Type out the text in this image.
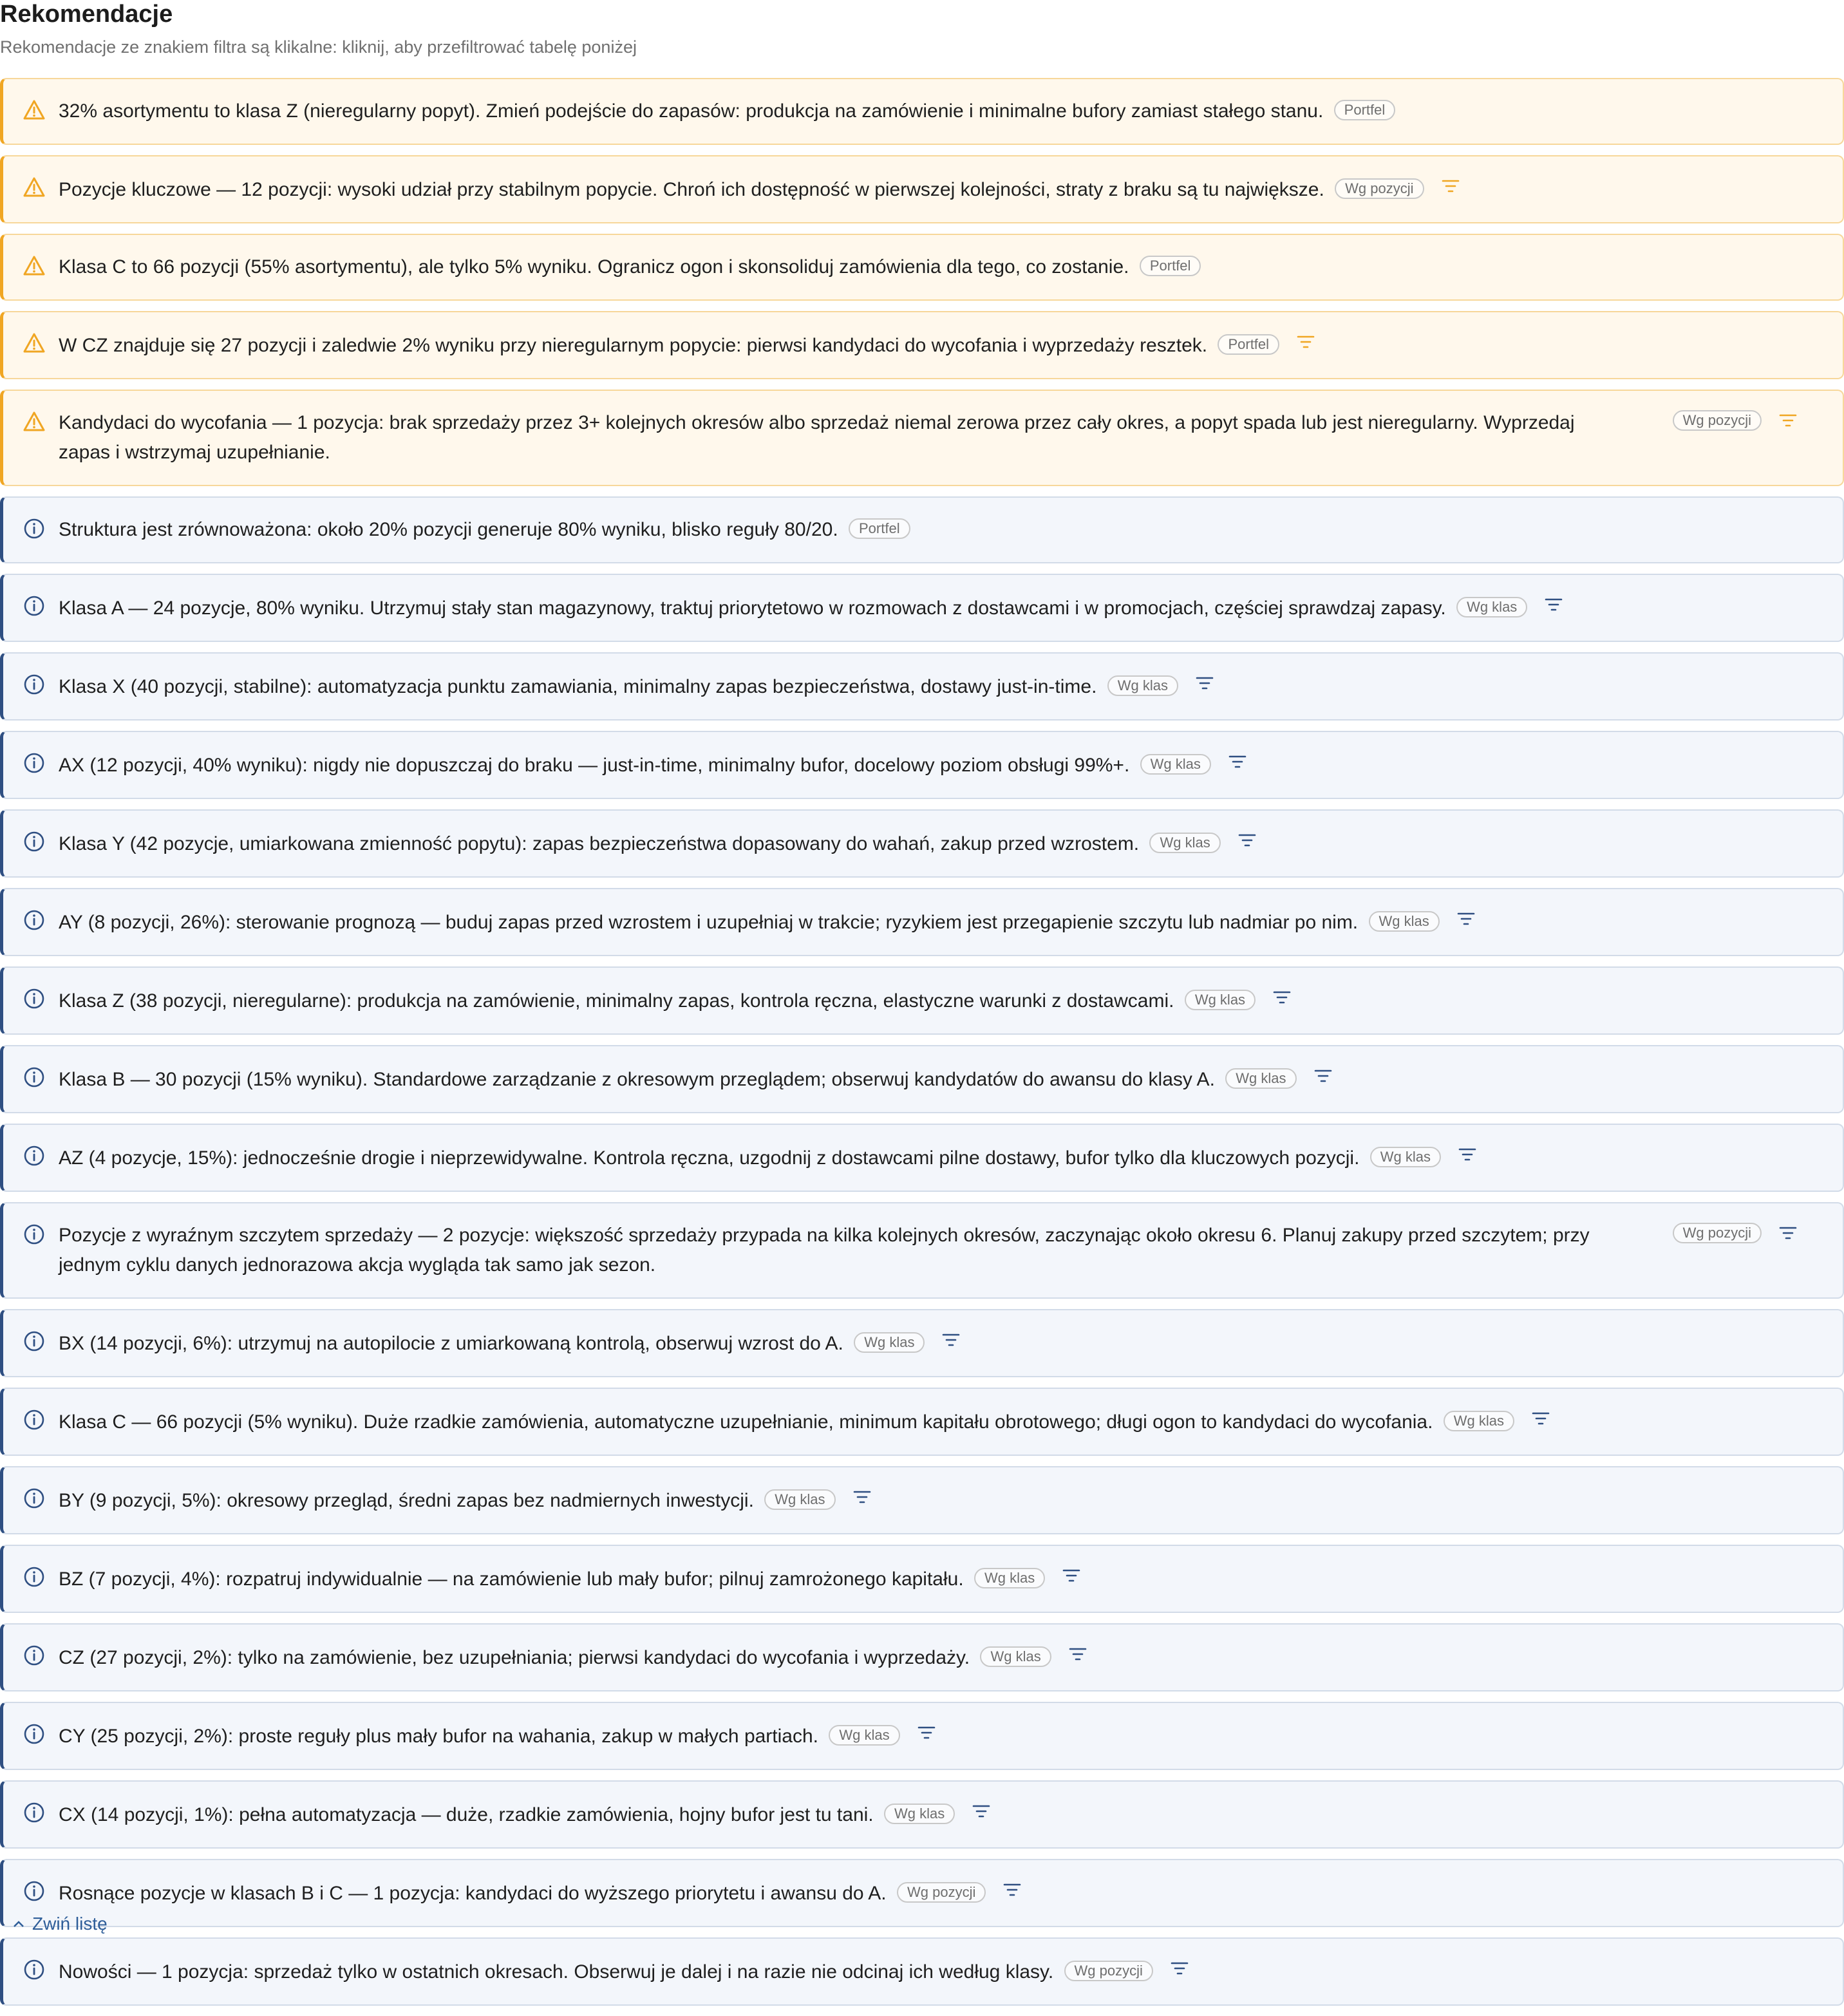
Rekomendacje
Rekomendacje ze znakiem filtra są klikalne: kliknij, aby przefiltrować tabelę poniżej
32% asortymentu to klasa Z (nieregularny popyt). Zmień podejście do zapasów: produkcja na zamówienie i minimalne bufory zamiast stałego stanu. Portfel
Pozycje kluczowe — 12 pozycji: wysoki udział przy stabilnym popycie. Chroń ich dostępność w pierwszej kolejności, straty z braku są tu największe. Wg pozycji
Klasa C to 66 pozycji (55% asortymentu), ale tylko 5% wyniku. Ogranicz ogon i skonsoliduj zamówienia dla tego, co zostanie. Portfel
W CZ znajduje się 27 pozycji i zaledwie 2% wyniku przy nieregularnym popycie: pierwsi kandydaci do wycofania i wyprzedaży resztek. Portfel
Kandydaci do wycofania — 1 pozycja: brak sprzedaży przez 3+ kolejnych okresów albo sprzedaż niemal zerowa przez cały okres, a popyt spada lub jest nieregularny. Wyprzedaj zapas i wstrzymaj uzupełnianie.
Wg pozycji
Struktura jest zrównoważona: około 20% pozycji generuje 80% wyniku, blisko reguły 80/20. Portfel
Klasa A — 24 pozycje, 80% wyniku. Utrzymuj stały stan magazynowy, traktuj priorytetowo w rozmowach z dostawcami i w promocjach, częściej sprawdzaj zapasy. Wg klas
Klasa X (40 pozycji, stabilne): automatyzacja punktu zamawiania, minimalny zapas bezpieczeństwa, dostawy just-in-time. Wg klas
AX (12 pozycji, 40% wyniku): nigdy nie dopuszczaj do braku — just-in-time, minimalny bufor, docelowy poziom obsługi 99%+. Wg klas
Klasa Y (42 pozycje, umiarkowana zmienność popytu): zapas bezpieczeństwa dopasowany do wahań, zakup przed wzrostem. Wg klas
AY (8 pozycji, 26%): sterowanie prognozą — buduj zapas przed wzrostem i uzupełniaj w trakcie; ryzykiem jest przegapienie szczytu lub nadmiar po nim. Wg klas
Klasa Z (38 pozycji, nieregularne): produkcja na zamówienie, minimalny zapas, kontrola ręczna, elastyczne warunki z dostawcami. Wg klas
Klasa B — 30 pozycji (15% wyniku). Standardowe zarządzanie z okresowym przeglądem; obserwuj kandydatów do awansu do klasy A. Wg klas
AZ (4 pozycje, 15%): jednocześnie drogie i nieprzewidywalne. Kontrola ręczna, uzgodnij z dostawcami pilne dostawy, bufor tylko dla kluczowych pozycji. Wg klas
Pozycje z wyraźnym szczytem sprzedaży — 2 pozycje: większość sprzedaży przypada na kilka kolejnych okresów, zaczynając około okresu 6. Planuj zakupy przed szczytem; przy jednym cyklu danych jednorazowa akcja wygląda tak samo jak sezon.
Wg pozycji
BX (14 pozycji, 6%): utrzymuj na autopilocie z umiarkowaną kontrolą, obserwuj wzrost do A. Wg klas
Klasa C — 66 pozycji (5% wyniku). Duże rzadkie zamówienia, automatyczne uzupełnianie, minimum kapitału obrotowego; długi ogon to kandydaci do wycofania. Wg klas
BY (9 pozycji, 5%): okresowy przegląd, średni zapas bez nadmiernych inwestycji. Wg klas
BZ (7 pozycji, 4%): rozpatruj indywidualnie — na zamówienie lub mały bufor; pilnuj zamrożonego kapitału. Wg klas
CZ (27 pozycji, 2%): tylko na zamówienie, bez uzupełniania; pierwsi kandydaci do wycofania i wyprzedaży. Wg klas
CY (25 pozycji, 2%): proste reguły plus mały bufor na wahania, zakup w małych partiach. Wg klas
CX (14 pozycji, 1%): pełna automatyzacja — duże, rzadkie zamówienia, hojny bufor jest tu tani. Wg klas
Rosnące pozycje w klasach B i C — 1 pozycja: kandydaci do wyższego priorytetu i awansu do A. Wg pozycji
Nowości — 1 pozycja: sprzedaż tylko w ostatnich okresach. Obserwuj je dalej i na razie nie odcinaj ich według klasy. Wg pozycji
Zwiń listę
